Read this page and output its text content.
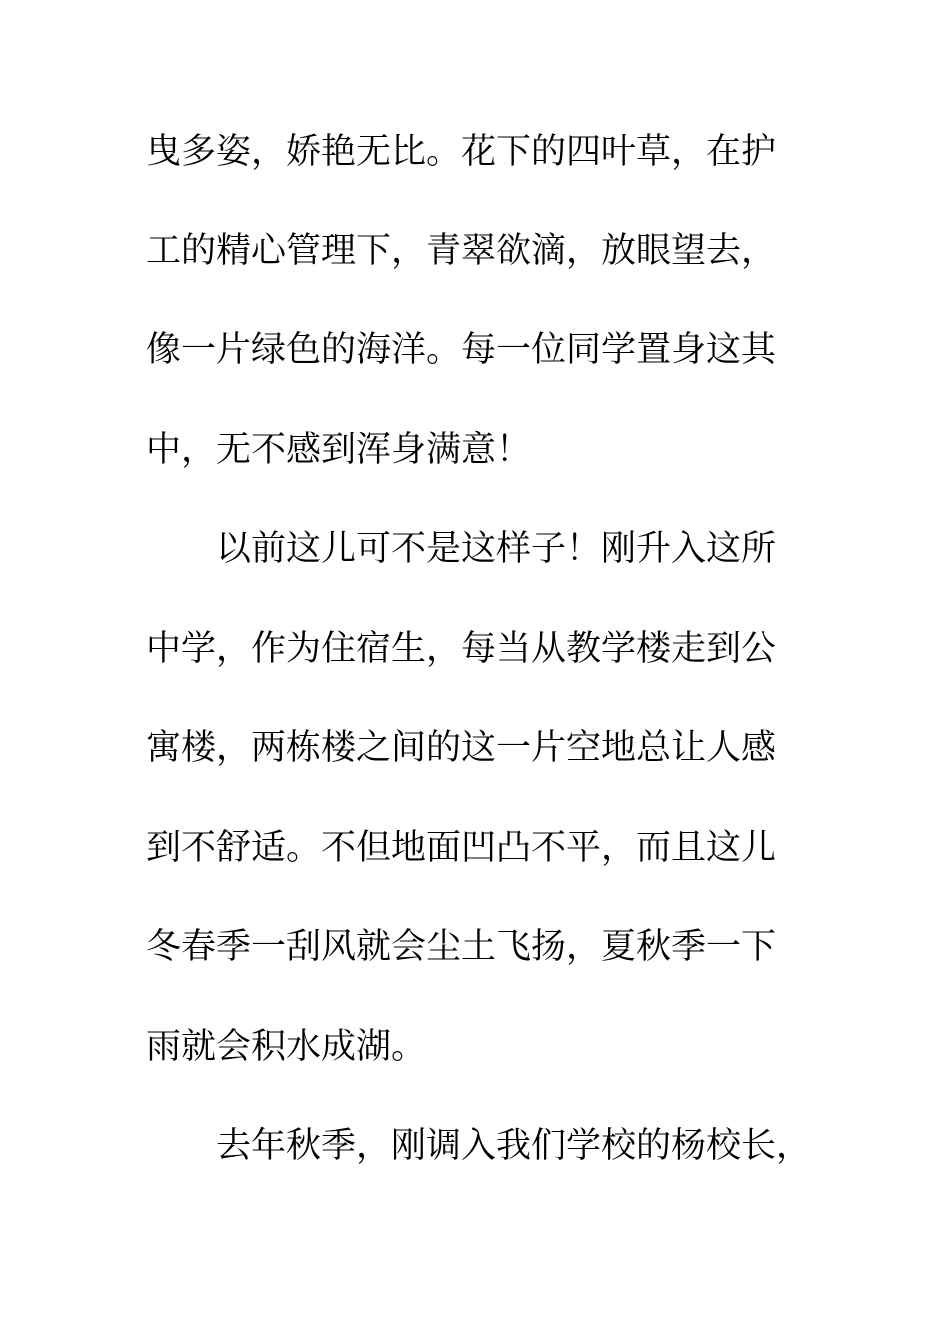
曳多姿，娇艳无比。花下的四叶草，在护
工的精心管理下，青翠欲滴，放眼望去，
像一片绿色的海洋。每一位同学置身这其
中，无不感到浑身满意！
以前这儿可不是这样子！刚升入这所
中学，作为住宿生，每当从教学楼走到公
寓楼，两栋楼之间的这一片空地总让人感
到不舒适。不但地面凹凸不平，而且这儿
冬春季一刮风就会尘土飞扬，夏秋季一下
雨就会积水成湖。
去年秋季，刚调入我们学校的杨校长，
